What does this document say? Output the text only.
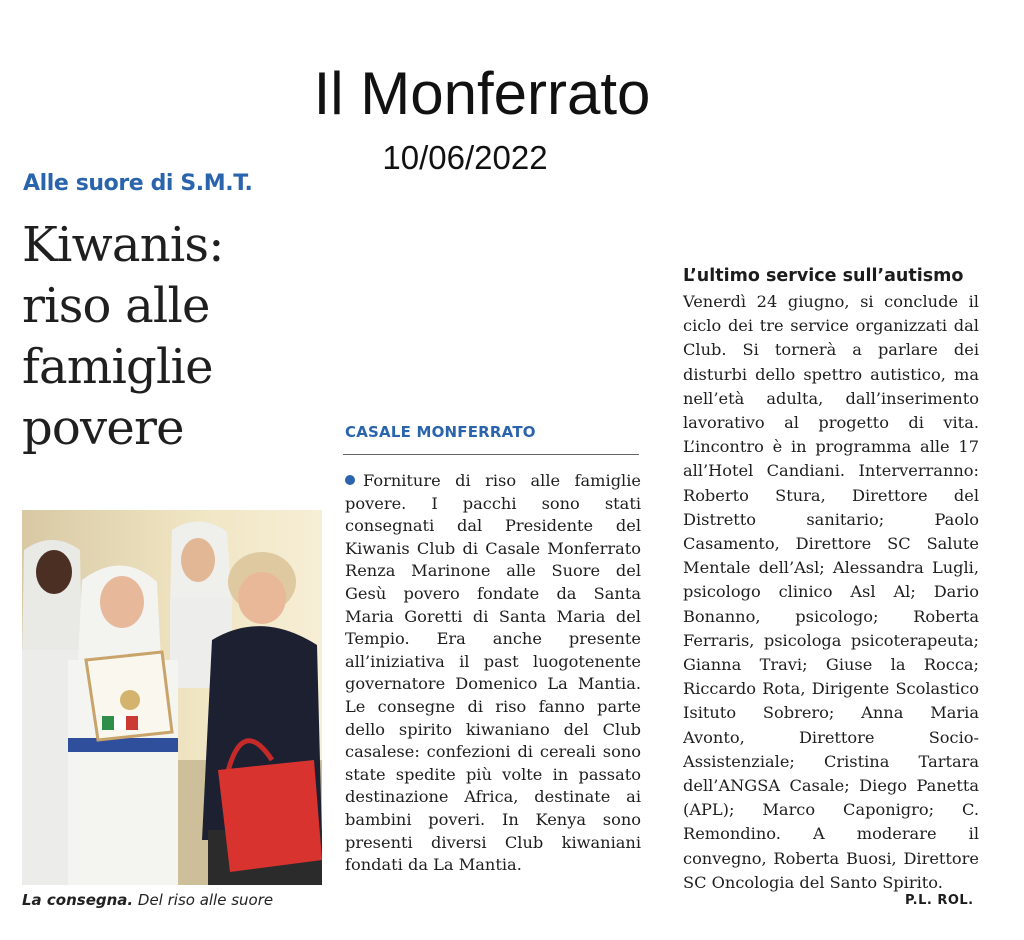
Il Monferrato
10/06/2022
Alle suore di S.M.T.
Kiwanis:
riso alle
famiglie
povere
La consegna. Del riso alle suore
CASALE MONFERRATO
Forniture di riso alle famiglie povere. I pacchi sono stati consegnati dal Presidente del Kiwanis Club di Casale Monferrato Renza Marinone alle Suore del Gesù povero fondate da Santa Maria Goretti di Santa Maria del Tempio. Era anche presente all’iniziativa il past luogotenente governatore Domenico La Mantia. Le consegne di riso fanno parte dello spirito kiwaniano del Club casalese: confezioni di cereali sono state spedite più volte in passato destinazione Africa, destinate ai bambini poveri. In Kenya sono presenti diversi Club kiwaniani fondati da La Mantia.
L’ultimo service sull’autismo
Venerdì 24 giugno, si conclude il ciclo dei tre service organizzati dal Club. Si tornerà a parlare dei disturbi dello spettro autistico, ma nell’età adulta, dall’inserimento lavorativo al progetto di vita. L’incontro è in programma alle 17 all’Hotel Candiani. Interverranno: Roberto Stura, Direttore del Distretto sanitario; Paolo Casamento, Direttore SC Salute Mentale dell’Asl; Alessandra Lugli, psicologo clinico Asl Al; Dario Bonanno, psicologo; Roberta Ferraris, psicologa psicoterapeuta; Gianna Travi; Giuse la Rocca; Riccardo Rota, Dirigente Scolastico Isituto Sobrero; Anna Maria Avonto, Direttore Socio-Assistenziale; Cristina Tartara dell’ANGSA Casale; Diego Panetta (APL); Marco Caponigro; C. Remondino. A moderare il convegno, Roberta Buosi, Direttore SC Oncologia del Santo Spirito.
P.L. ROL.
